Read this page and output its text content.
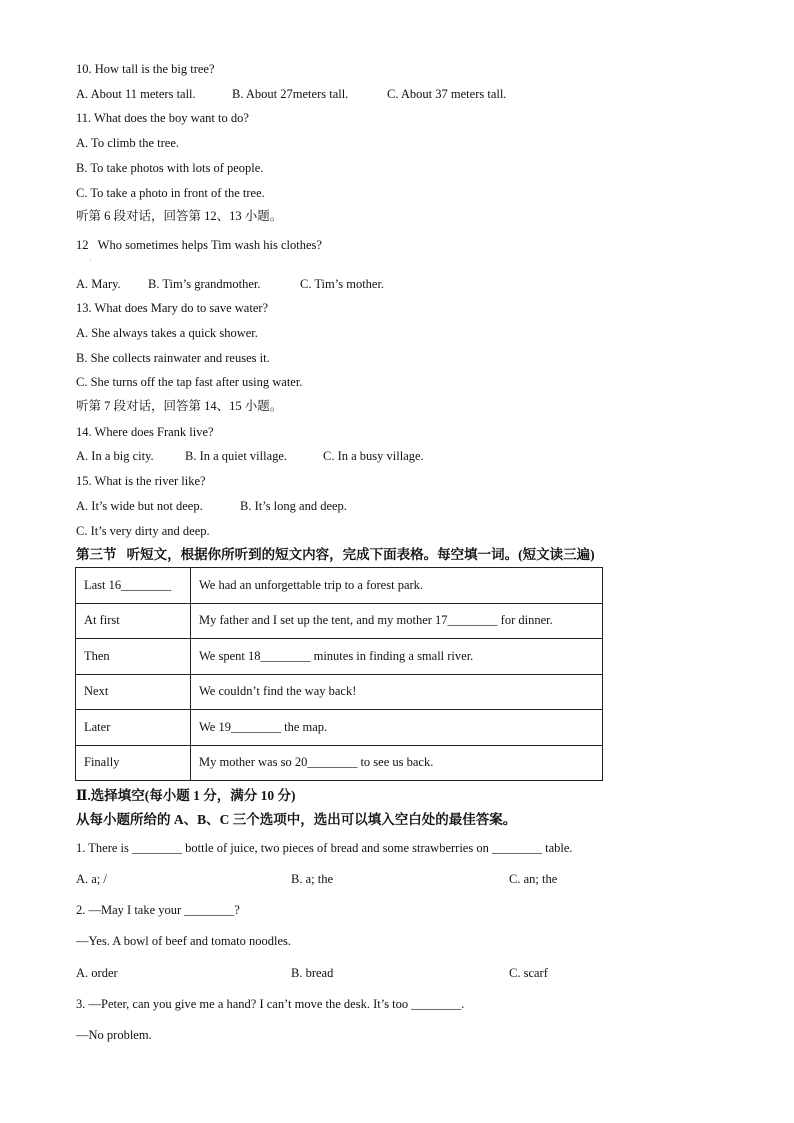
10. How tall is the big tree?
A. About 11 meters tall.	B. About 27meters tall.	C. About 37 meters tall.
11. What does the boy want to do?
A. To climb the tree.
B. To take photos with lots of people.
C. To take a photo in front of the tree.
听第 6 段对话，回答第 12、13 小题。
12   Who sometimes helps Tim wash his clothes?
.
A. Mary. B. Tim’s grandmother.	C. Tim’s mother.
13. What does Mary do to save water?
A. She always takes a quick shower.
B. She collects rainwater and reuses it.
C. She turns off the tap fast after using water.
听第 7 段对话，回答第 14、15 小题。
14. Where does Frank live?
A. In a big city.	B. In a quiet village.	C. In a busy village.
15. What is the river like?
A. It’s wide but not deep.	B. It’s long and deep.
C. It’s very dirty and deep.
第三节   听短文，根据你所听到的短文内容，完成下面表格。每空填一词。(短文读三遍)
Last 16________	We had an unforgettable trip to a forest park.
At first	My father and I set up the tent, and my mother 17________ for dinner.
Then	We spent 18________ minutes in finding a small river.
Next	We couldn’t find the way back!
Later	We 19________ the map.
Finally	My mother was so 20________ to see us back.
Ⅱ.选择填空(每小题 1 分，满分 10 分)
从每小题所给的 A、B、C 三个选项中，选出可以填入空白处的最佳答案。
1. There is ________ bottle of juice, two pieces of bread and some strawberries on ________ table.
A. a; /	B. a; the	C. an; the
2. —May I take your ________?
—Yes. A bowl of beef and tomato noodles.
A. order	B. bread	C. scarf
3. —Peter, can you give me a hand? I can’t move the desk. It’s too ________.
—No problem.
